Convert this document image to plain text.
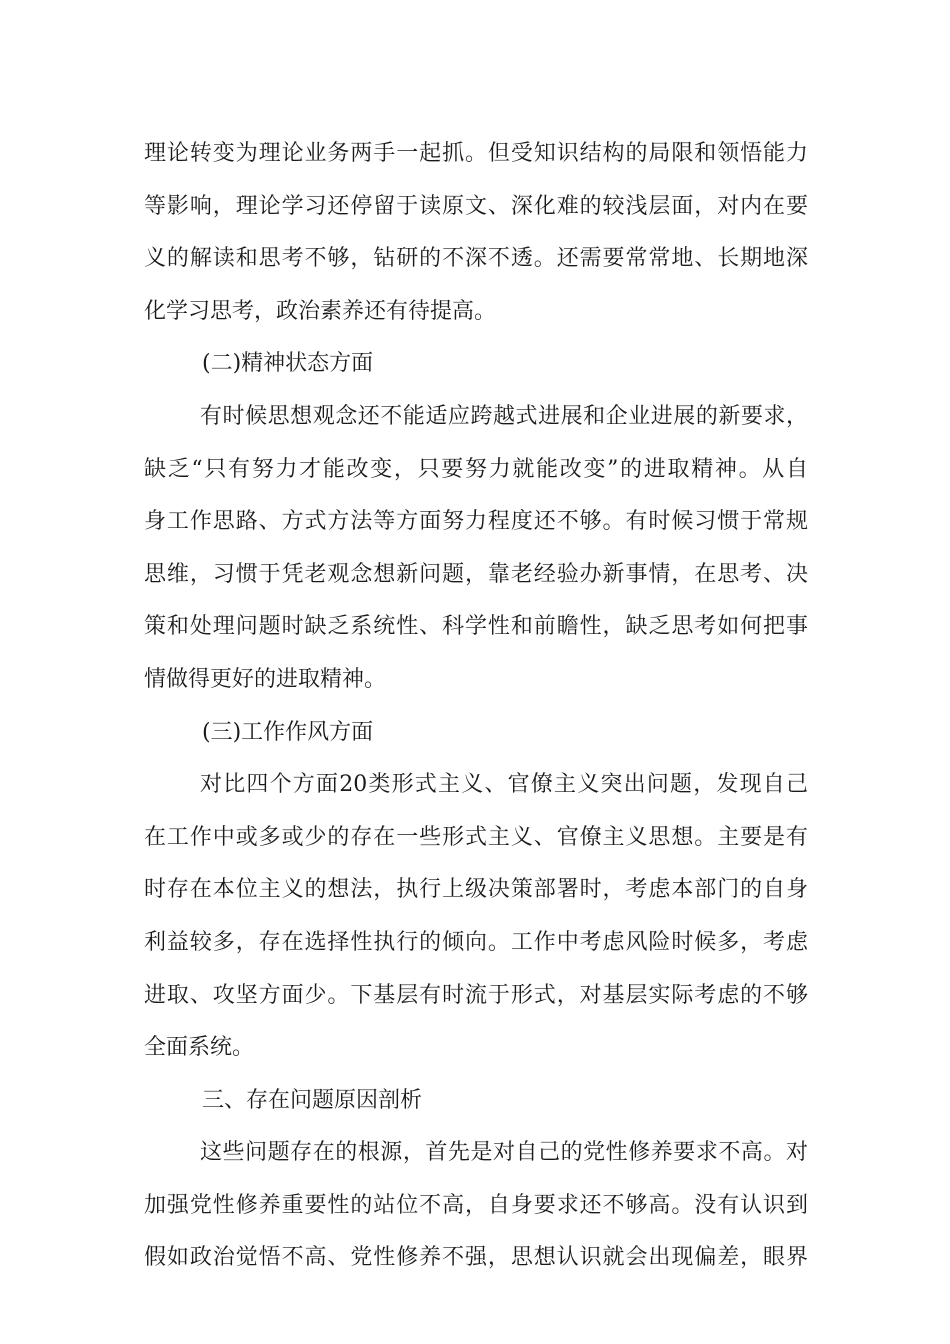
理论转变为理论业务两手一起抓。但受知识结构的局限和领悟能力
等影响，理论学习还停留于读原文、深化难的较浅层面，对内在要
义的解读和思考不够，钻研的不深不透。还需要常常地、长期地深
化学习思考，政治素养还有待提高。
(二)精神状态方面
有时候思想观念还不能适应跨越式进展和企业进展的新要求，
缺乏“只有努力才能改变，只要努力就能改变”的进取精神。从自
身工作思路、方式方法等方面努力程度还不够。有时候习惯于常规
思维，习惯于凭老观念想新问题，靠老经验办新事情，在思考、决
策和处理问题时缺乏系统性、科学性和前瞻性，缺乏思考如何把事
情做得更好的进取精神。
(三)工作作风方面
对比四个方面20类形式主义、官僚主义突出问题，发现自己
在工作中或多或少的存在一些形式主义、官僚主义思想。主要是有
时存在本位主义的想法，执行上级决策部署时，考虑本部门的自身
利益较多，存在选择性执行的倾向。工作中考虑风险时候多，考虑
进取、攻坚方面少。下基层有时流于形式，对基层实际考虑的不够
全面系统。
三、存在问题原因剖析
这些问题存在的根源，首先是对自己的党性修养要求不高。对
加强党性修养重要性的站位不高，自身要求还不够高。没有认识到
假如政治觉悟不高、党性修养不强，思想认识就会出现偏差，眼界
